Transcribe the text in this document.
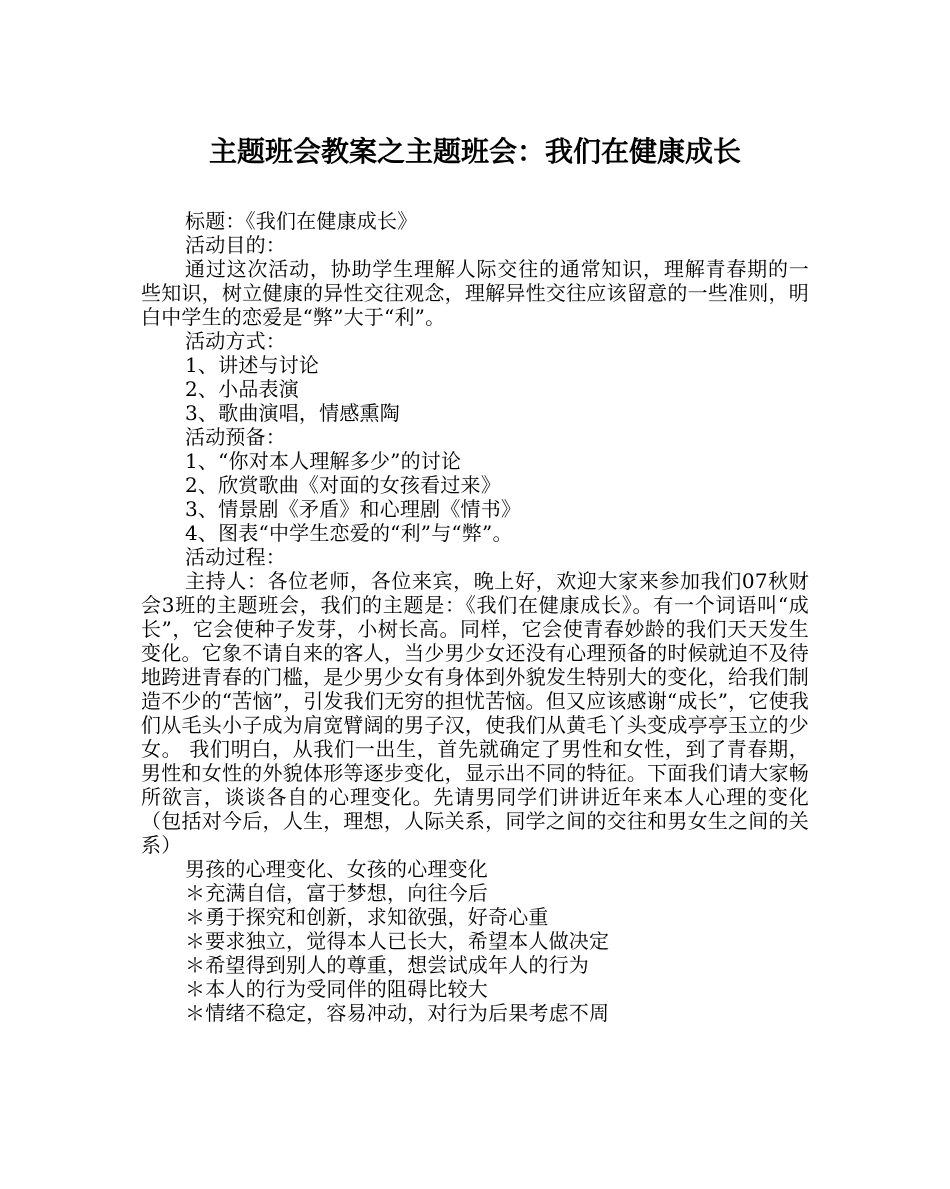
主题班会教案之主题班会：我们在健康成长

标题：《我们在健康成长》

活动目的：

通过这次活动，协助学生理解人际交往的通常知识，理解青春期的一些知识，树立健康的异性交往观念，理解异性交往应该留意的一些准则，明白中学生的恋爱是“弊”大于“利”。

活动方式：

1、讲述与讨论

2、小品表演

3、歌曲演唱，情感熏陶

活动预备：

1、“你对本人理解多少”的讨论

2、欣赏歌曲《对面的女孩看过来》

3、情景剧《矛盾》和心理剧《情书》

4、图表“中学生恋爱的“利”与“弊”。

活动过程：

主持人：各位老师，各位来宾，晚上好，欢迎大家来参加我们07秋财会3班的主题班会，我们的主题是：《我们在健康成长》。有一个词语叫“成长”，它会使种子发芽，小树长高。同样，它会使青春妙龄的我们天天发生变化。它象不请自来的客人，当少男少女还没有心理预备的时候就迫不及待地跨进青春的门槛，是少男少女有身体到外貌发生特别大的变化，给我们制造不少的“苦恼”，引发我们无穷的担忧苦恼。但又应该感谢“成长”，它使我们从毛头小子成为肩宽臂阔的男子汉，使我们从黄毛丫头变成亭亭玉立的少女。 我们明白，从我们一出生，首先就确定了男性和女性，到了青春期，男性和女性的外貌体形等逐步变化，显示出不同的特征。下面我们请大家畅所欲言，谈谈各自的心理变化。先请男同学们讲讲近年来本人心理的变化（包括对今后，人生，理想，人际关系，同学之间的交往和男女生之间的关系）

男孩的心理变化、女孩的心理变化

＊充满自信，富于梦想，向往今后

＊勇于探究和创新，求知欲强，好奇心重

＊要求独立，觉得本人已长大，希望本人做决定

＊希望得到别人的尊重，想尝试成年人的行为

＊本人的行为受同伴的阻碍比较大

＊情绪不稳定，容易冲动，对行为后果考虑不周
